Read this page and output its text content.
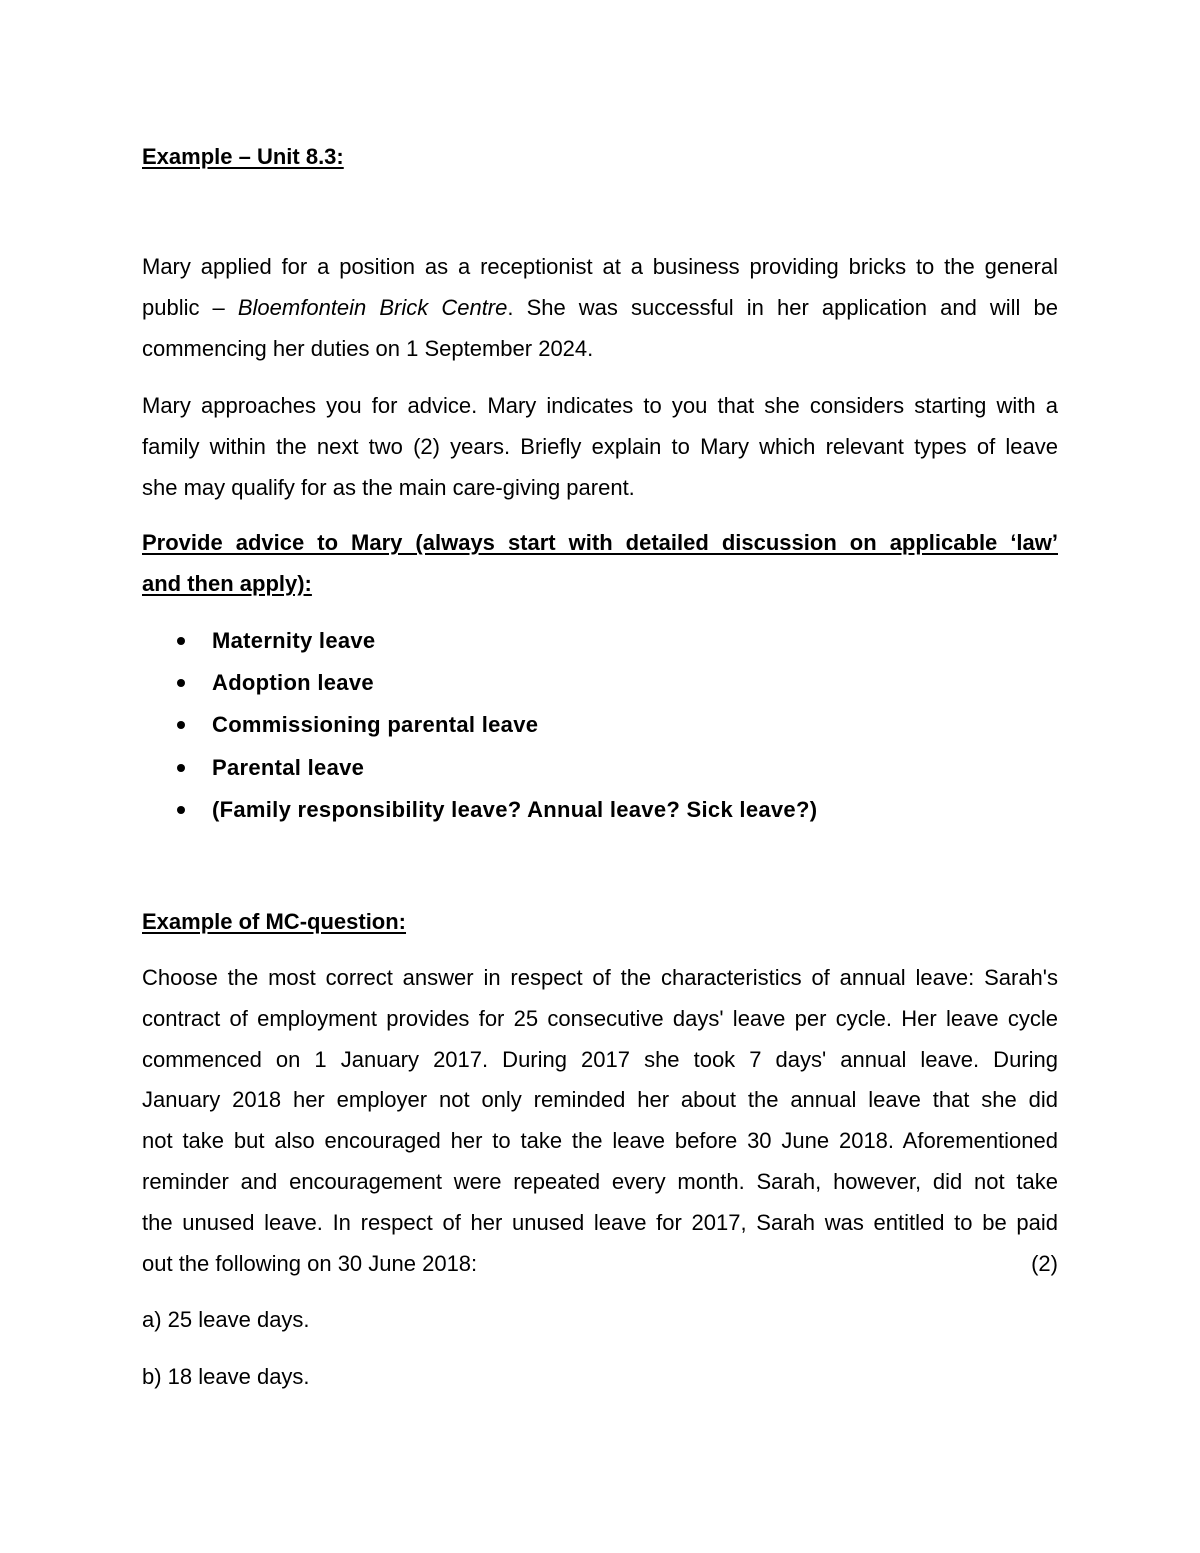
Example – Unit 8.3:
Mary applied for a position as a receptionist at a business providing bricks to the general
public – Bloemfontein Brick Centre. She was successful in her application and will be
commencing her duties on 1 September 2024.
Mary approaches you for advice. Mary indicates to you that she considers starting with a
family within the next two (2) years. Briefly explain to Mary which relevant types of leave
she may qualify for as the main care-giving parent.
Provide advice to Mary (always start with detailed discussion on applicable ‘law’
and then apply):
Maternity leave
Adoption leave
Commissioning parental leave
Parental leave
(Family responsibility leave? Annual leave? Sick leave?)
Example of MC-question:
Choose the most correct answer in respect of the characteristics of annual leave: Sarah's
contract of employment provides for 25 consecutive days' leave per cycle. Her leave cycle
commenced on 1 January 2017. During 2017 she took 7 days' annual leave. During
January 2018 her employer not only reminded her about the annual leave that she did
not take but also encouraged her to take the leave before 30 June 2018. Aforementioned
reminder and encouragement were repeated every month. Sarah, however, did not take
the unused leave. In respect of her unused leave for 2017, Sarah was entitled to be paid
out the following on 30 June 2018:	(2)
a) 25 leave days.
b) 18 leave days.
